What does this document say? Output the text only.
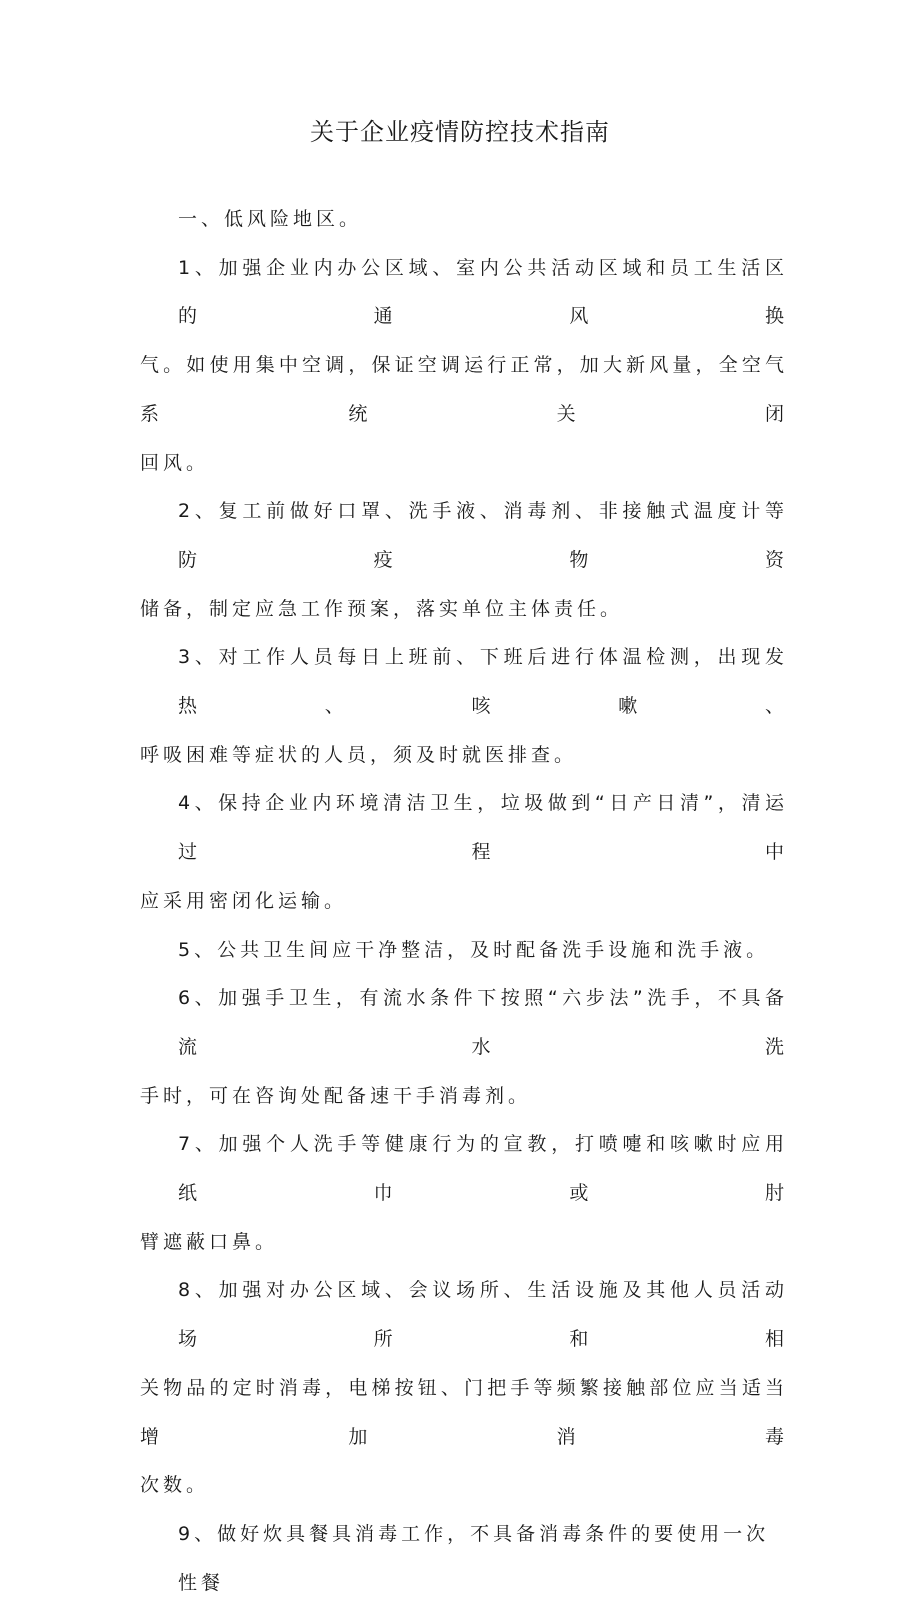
关于企业疫情防控技术指南
一、低风险地区。
1、加强企业内办公区域、室内公共活动区域和员工生活区的通风换
气。如使用集中空调，保证空调运行正常，加大新风量，全空气系统关闭
回风。
2、复工前做好口罩、洗手液、消毒剂、非接触式温度计等防疫物资
储备，制定应急工作预案，落实单位主体责任。
3、对工作人员每日上班前、下班后进行体温检测，出现发热、咳嗽、
呼吸困难等症状的人员，须及时就医排查。
4、保持企业内环境清洁卫生，垃圾做到“日产日清”，清运过程中
应采用密闭化运输。
5、公共卫生间应干净整洁，及时配备洗手设施和洗手液。
6、加强手卫生，有流水条件下按照“六步法”洗手，不具备流水洗
手时，可在咨询处配备速干手消毒剂。
7、加强个人洗手等健康行为的宣教，打喷嚏和咳嗽时应用纸巾或肘
臂遮蔽口鼻。
8、加强对办公区域、会议场所、生活设施及其他人员活动场所和相
关物品的定时消毒，电梯按钮、门把手等频繁接触部位应当适当增加消毒
次数。
9、做好炊具餐具消毒工作，不具备消毒条件的要使用一次性餐
